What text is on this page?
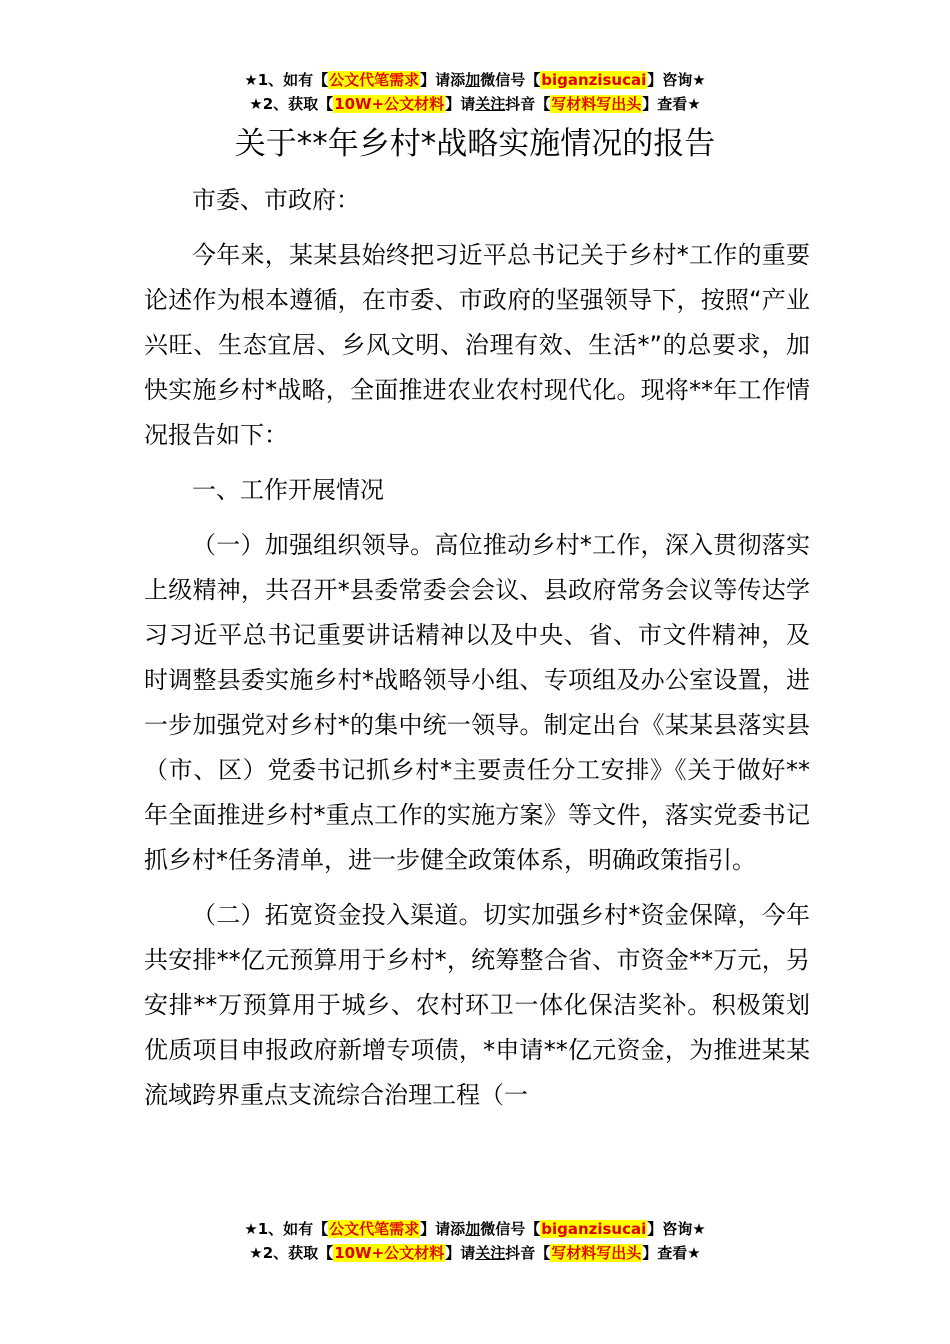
★1、如有【公文代笔需求】请添加微信号【biganzisucai】咨询★
★2、获取【10W+公文材料】请关注抖音【写材料写出头】查看★
关于**年乡村*战略实施情况的报告

市委、市政府：

今年来，某某县始终把习近平总书记关于乡村*工作的重要论述作为根本遵循，在市委、市政府的坚强领导下，按照“产业兴旺、生态宜居、乡风文明、治理有效、生活*”的总要求，加快实施乡村*战略，全面推进农业农村现代化。现将**年工作情况报告如下：

一、工作开展情况

（一）加强组织领导。高位推动乡村*工作，深入贯彻落实上级精神，共召开*县委常委会会议、县政府常务会议等传达学习习近平总书记重要讲话精神以及中央、省、市文件精神，及时调整县委实施乡村*战略领导小组、专项组及办公室设置，进一步加强党对乡村*的集中统一领导。制定出台《某某县落实县（市、区）党委书记抓乡村*主要责任分工安排》《关于做好**年全面推进乡村*重点工作的实施方案》等文件，落实党委书记抓乡村*任务清单，进一步健全政策体系，明确政策指引。

（二）拓宽资金投入渠道。切实加强乡村*资金保障，今年共安排**亿元预算用于乡村*，统筹整合省、市资金**万元，另安排**万预算用于城乡、农村环卫一体化保洁奖补。积极策划优质项目申报政府新增专项债，*申请**亿元资金，为推进某某流域跨界重点支流综合治理工程（一

★1、如有【公文代笔需求】请添加微信号【biganzisucai】咨询★
★2、获取【10W+公文材料】请关注抖音【写材料写出头】查看★
